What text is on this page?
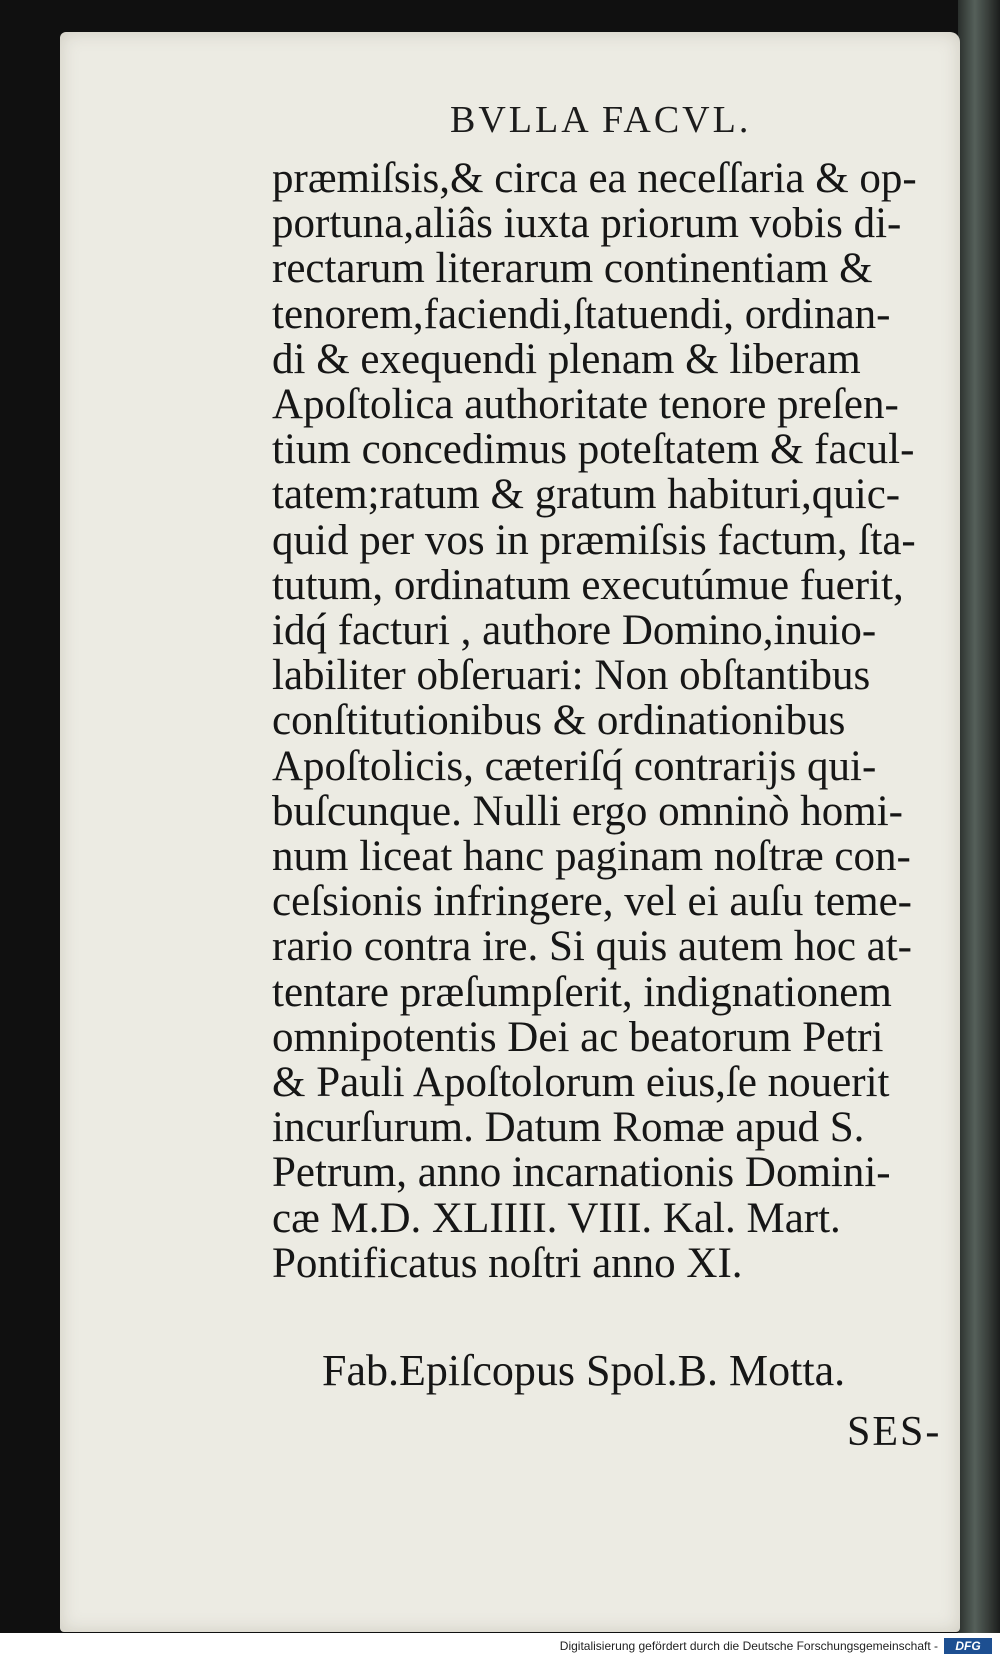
BVLLA FACVL.
præmiſsis,& circa ea neceſſaria & op-
portuna,aliâs iuxta priorum vobis di-
rectarum literarum continentiam &
tenorem,faciendi,ſtatuendi, ordinan-
di & exequendi plenam & liberam
Apoſtolica authoritate tenore preſen-
tium concedimus poteſtatem & facul-
tatem;ratum & gratum habituri,quic-
quid per vos in præmiſsis factum, ſta-
tutum, ordinatum executúmue fuerit,
idq́ facturi , authore Domino,inuio-
labiliter obſeruari: Non obſtantibus
conſtitutionibus & ordinationibus
Apoſtolicis, cæteriſq́ contrarijs qui-
buſcunque. Nulli ergo omninò homi-
num liceat hanc paginam noſtræ con-
ceſsionis infringere, vel ei auſu teme-
rario contra ire. Si quis autem hoc at-
tentare præſumpſerit, indignationem
omnipotentis Dei ac beatorum Petri
& Pauli Apoſtolorum eius,ſe nouerit
incurſurum. Datum Romæ apud S.
Petrum, anno incarnationis Domini-
cæ M.D. XLIIII. VIII. Kal. Mart.
Pontificatus noſtri anno XI.
Fab.Epiſcopus Spol.B. Motta.
SES-
Digitalisierung gefördert durch die Deutsche Forschungsgemeinschaft -	DFG
